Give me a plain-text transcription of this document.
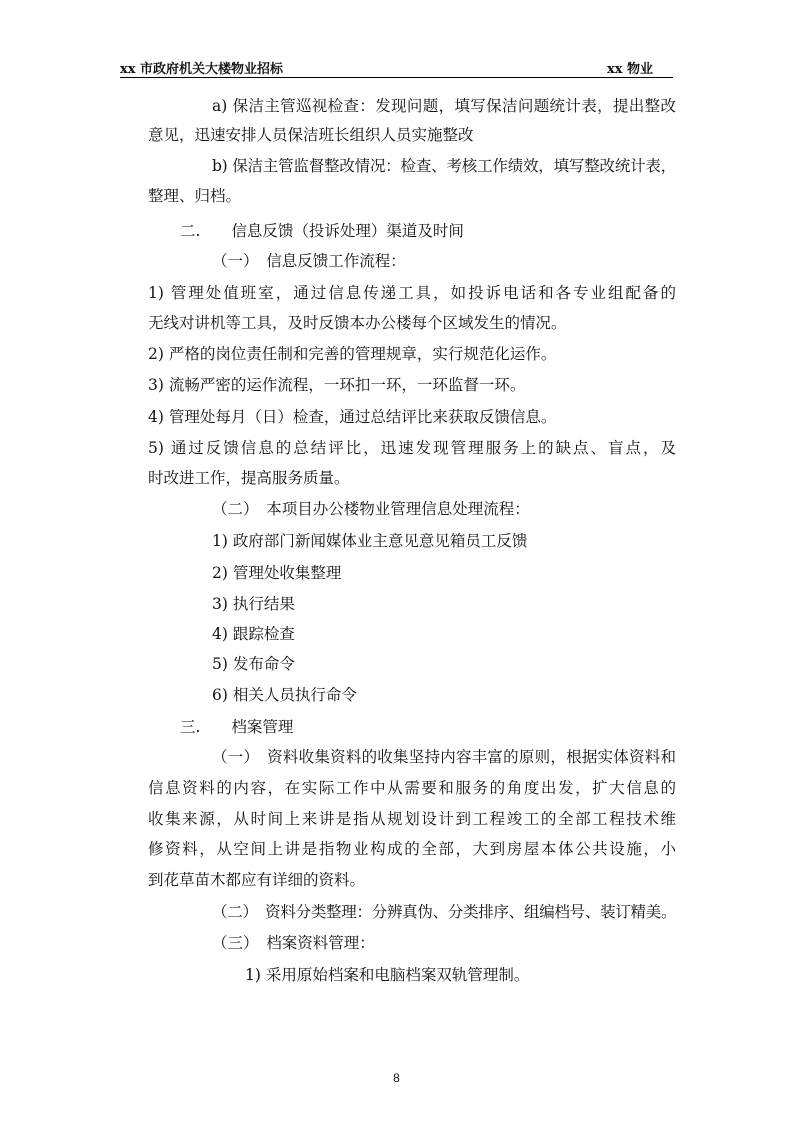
xx 市政府机关大楼物业招标	xx 物业
a) 保洁主管巡视检查：发现问题，填写保洁问题统计表，提出整改
意见，迅速安排人员保洁班长组织人员实施整改
b) 保洁主管监督整改情况：检查、考核工作绩效，填写整改统计表，
整理、归档。
二.　　信息反馈（投诉处理）渠道及时间
（一）　信息反馈工作流程：
1) 管理处值班室，通过信息传递工具，如投诉电话和各专业组配备的
无线对讲机等工具，及时反馈本办公楼每个区域发生的情况。
2) 严格的岗位责任制和完善的管理规章，实行规范化运作。
3) 流畅严密的运作流程，一环扣一环，一环监督一环。
4) 管理处每月（日）检查，通过总结评比来获取反馈信息。
5) 通过反馈信息的总结评比，迅速发现管理服务上的缺点、盲点，及
时改进工作，提高服务质量。
（二）　本项目办公楼物业管理信息处理流程：
1) 政府部门新闻媒体业主意见意见箱员工反馈
2) 管理处收集整理
3) 执行结果
4) 跟踪检查
5) 发布命令
6) 相关人员执行命令
三.　　档案管理
（一）　资料收集资料的收集坚持内容丰富的原则，根据实体资料和
信息资料的内容，在实际工作中从需要和服务的角度出发，扩大信息的
收集来源，从时间上来讲是指从规划设计到工程竣工的全部工程技术维
修资料，从空间上讲是指物业构成的全部，大到房屋本体公共设施，小
到花草苗木都应有详细的资料。
（二）　资料分类整理：分辨真伪、分类排序、组编档号、装订精美。
（三）　档案资料管理：
1) 采用原始档案和电脑档案双轨管理制。
8
